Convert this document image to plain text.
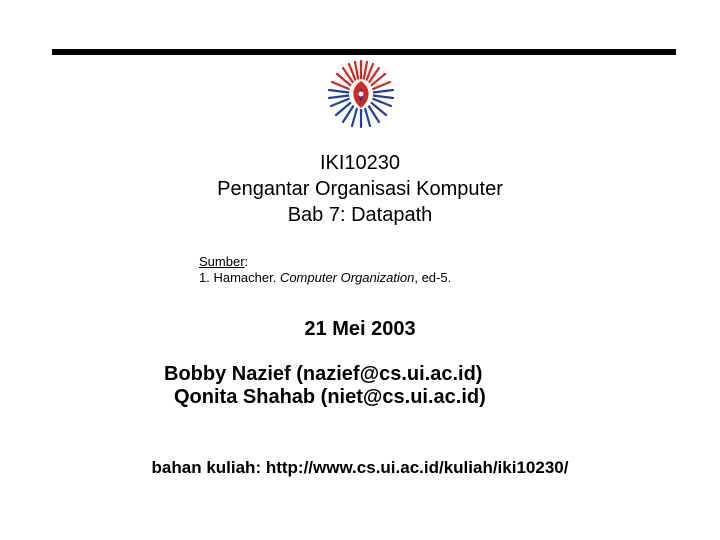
IKI10230
Pengantar Organisasi Komputer
Bab 7: Datapath
Sumber:
1. Hamacher. Computer Organization, ed-5.
21 Mei 2003
Bobby Nazief (nazief@cs.ui.ac.id)
Qonita Shahab (niet@cs.ui.ac.id)
bahan kuliah: http://www.cs.ui.ac.id/kuliah/iki10230/
